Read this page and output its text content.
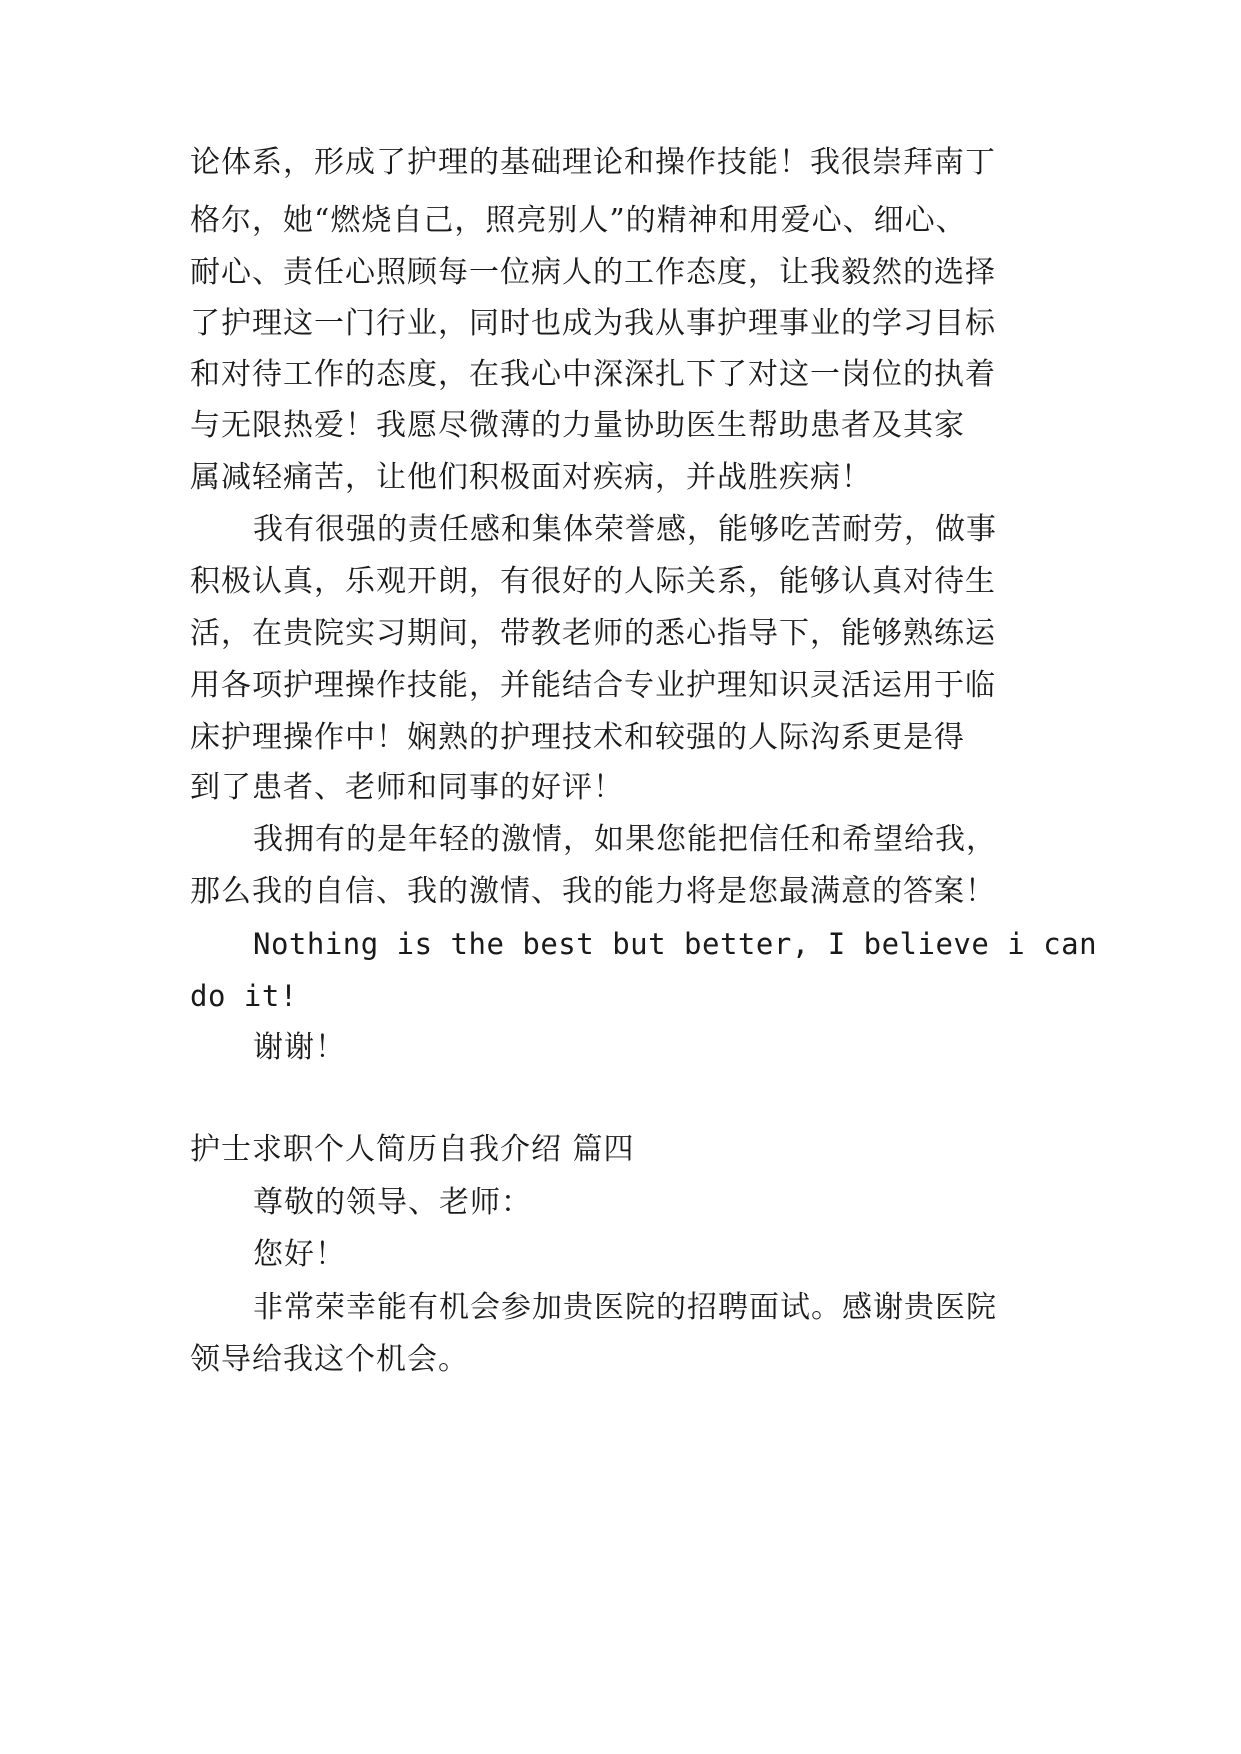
论体系，形成了护理的基础理论和操作技能！我很崇拜南丁
格尔，她“燃烧自己，照亮别人”的精神和用爱心、细心、
耐心、责任心照顾每一位病人的工作态度，让我毅然的选择
了护理这一门行业，同时也成为我从事护理事业的学习目标
和对待工作的态度，在我心中深深扎下了对这一岗位的执着
与无限热爱！我愿尽微薄的力量协助医生帮助患者及其家
属减轻痛苦，让他们积极面对疾病，并战胜疾病！
我有很强的责任感和集体荣誉感，能够吃苦耐劳，做事
积极认真，乐观开朗，有很好的人际关系，能够认真对待生
活，在贵院实习期间，带教老师的悉心指导下，能够熟练运
用各项护理操作技能，并能结合专业护理知识灵活运用于临
床护理操作中！娴熟的护理技术和较强的人际沟系更是得
到了患者、老师和同事的好评！
我拥有的是年轻的激情，如果您能把信任和希望给我，
那么我的自信、我的激情、我的能力将是您最满意的答案！
Nothing is the best but better, I believe i can
do it!
谢谢！
护士求职个人简历自我介绍 篇四
尊敬的领导、老师：
您好！
非常荣幸能有机会参加贵医院的招聘面试。感谢贵医院
领导给我这个机会。
